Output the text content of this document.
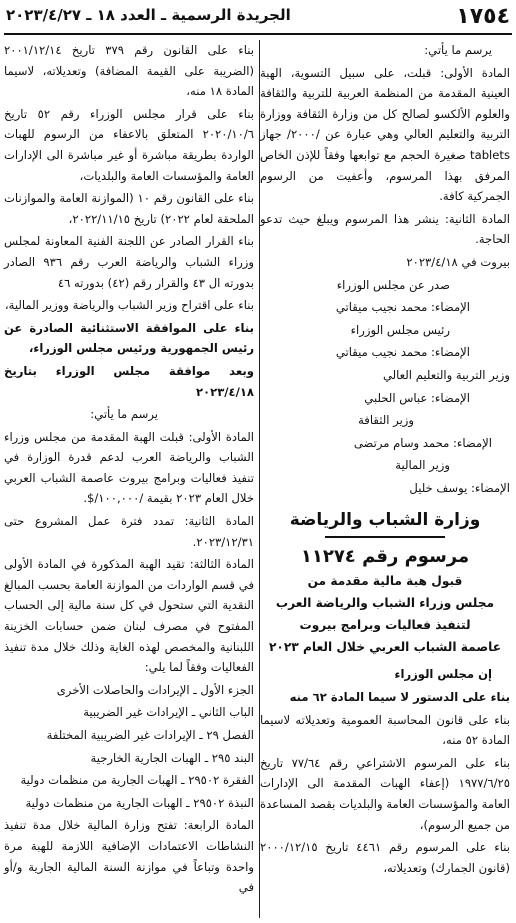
١٧٥٤
الجريدة الرسمية ـ العدد ١٨ ـ ٢٠٢٣/٤/٢٧

يرسم ما يأتي:

المادة الأولى: قبلت، على سبيل التسوية، الهبة العينية المقدمة من المنظمة العربية للتربية والثقافة والعلوم الألكسو لصالح كل من وزارة الثقافة ووزارة التربية والتعليم العالي وهي عبارة عن /٢٠٠٠/ جهاز tablets صغيرة الحجم مع توابعها وفقاً للإذن الخاص المرفق بهذا المرسوم، وأعفيت من الرسوم الجمركية كافة.

المادة الثانية: ينشر هذا المرسوم ويبلغ حيث تدعو الحاجة.

بيروت في ٢٠٢٣/٤/١٨

صدر عن مجلس الوزراء

الإمضاء: محمد نجيب ميقاتي

رئيس مجلس الوزراء

الإمضاء: محمد نجيب ميقاتي

وزير التربية والتعليم العالي

الإمضاء: عباس الحلبي

وزير الثقافة

الإمضاء: محمد وسام مرتضى

وزير المالية

الإمضاء: يوسف خليل

وزارة الشباب والرياضة
مرسوم رقم ١١٢٧٤
قبول هبة مالية مقدمة من
مجلس وزراء الشباب والرياضة العرب
لتنفيذ فعاليات وبرامج بيروت
عاصمة الشباب العربي خلال العام ٢٠٢٣

إن مجلس الوزراء

بناء على الدستور لا سيما المادة ٦٢ منه

بناء على قانون المحاسبة العمومية وتعديلاته لاسيما المادة ٥٢ منه،

بناء على المرسوم الاشتراعي رقم ٧٧/٦٤ تاريخ ١٩٧٧/٦/٢٥ (إعفاء الهبات المقدمة الى الإدارات العامة والمؤسسات العامة والبلديات بقصد المساعدة من جميع الرسوم)،

بناء على المرسوم رقم ٤٤٦١ تاريخ ٢٠٠٠/١٢/١٥ (قانون الجمارك) وتعديلاته،

بناء على القانون رقم ٣٧٩ تاريخ ٢٠٠١/١٢/١٤ (الضريبة على القيمة المضافة) وتعديلاته، لاسيما المادة ١٨ منه،

بناء على قرار مجلس الوزراء رقم ٥٢ تاريخ ٢٠٢٠/١٠/٦ المتعلق بالاعفاء من الرسوم للهبات الواردة بطريقة مباشرة أو غير مباشرة الى الإدارات العامة والمؤسسات العامة والبلديات،

بناء على القانون رقم ١٠ (الموازنة العامة والموازنات الملحقة لعام ٢٠٢٢) تاريخ ٢٠٢٢/١١/١٥،

بناء القرار الصادر عن اللجنة الفنية المعاونة لمجلس وزراء الشباب والرياضة العرب رقم ٩٣٦ الصادر بدورته ال ٤٣ والقرار رقم (٤٢) بدورته ٤٦

بناء على اقتراح وزير الشباب والرياضة ووزير المالية،

بناء على الموافقة الاستثنائية الصادرة عن رئيس الجمهورية ورئيس مجلس الوزراء،

وبعد موافقة مجلس الوزراء بتاريخ ٢٠٢٣/٤/١٨

يرسم ما يأتي:

المادة الأولى: قبلت الهبة المقدمة من مجلس وزراء الشباب والرياضة العرب لدعم قدرة الوزارة في تنفيذ فعاليات وبرامج بيروت عاصمة الشباب العربي خلال العام ٢٠٢٣ بقيمة /١٠٠,٠٠٠/$.

المادة الثانية: تمدد فترة عمل المشروع حتى ٢٠٢٣/١٢/٣١.

المادة الثالثة: تقيد الهبة المذكورة في المادة الأولى في قسم الواردات من الموازنة العامة بحسب المبالغ النقدية التي ستحول في كل سنة مالية إلى الحساب المفتوح في مصرف لبنان ضمن حسابات الخزينة اللبنانية والمخصص لهذه الغاية وذلك خلال مدة تنفيذ الفعاليات وفقاً لما يلي:

الجزء الأول ـ الإيرادات والحاصلات الأخرى

الباب الثاني ـ الإيرادات غير الضريبية

الفصل ٢٩ ـ الإيرادات غير الضريبية المختلفة

البند ٢٩٥ ـ الهبات الجارية الخارجية

الفقرة ٢٩٥٠٢ ـ الهبات الجارية من منظمات دولية

النبذة ٢٩٥٠٢ ـ الهبات الجارية من منظمات دولية

المادة الرابعة: تفتح وزارة المالية خلال مدة تنفيذ النشاطات الاعتمادات الإضافية اللازمة للهبة مرة واحدة وتباعاً في موازنة السنة المالية الجارية و/أو في
